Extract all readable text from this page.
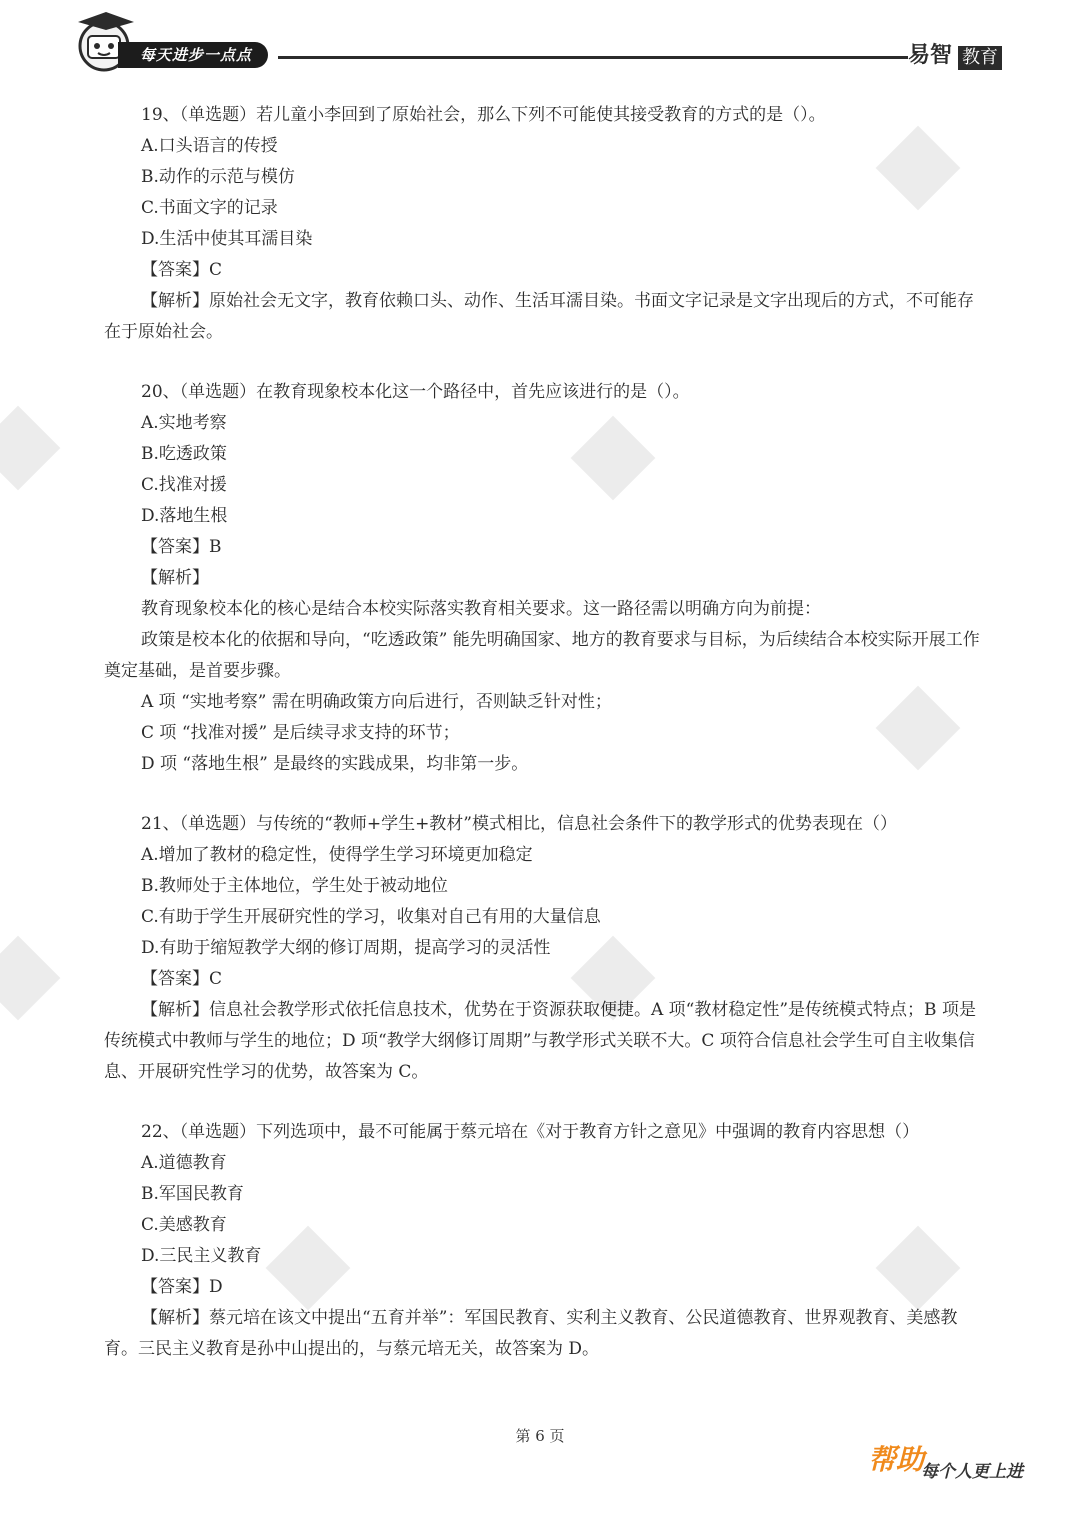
每天进步一点点	易智 教育

19、（单选题）若儿童小李回到了原始社会，那么下列不可能使其接受教育的方式的是（）。

A.口头语言的传授

B.动作的示范与模仿

C.书面文字的记录

D.生活中使其耳濡目染

【答案】C

【解析】原始社会无文字，教育依赖口头、动作、生活耳濡目染。书面文字记录是文字出现后的方式，不可能存在于原始社会。

20、（单选题）在教育现象校本化这一个路径中，首先应该进行的是（）。

A.实地考察

B.吃透政策

C.找准对援

D.落地生根

【答案】B

【解析】

教育现象校本化的核心是结合本校实际落实教育相关要求。这一路径需以明确方向为前提：

政策是校本化的依据和导向，“吃透政策” 能先明确国家、地方的教育要求与目标，为后续结合本校实际开展工作奠定基础，是首要步骤。

A 项 “实地考察” 需在明确政策方向后进行，否则缺乏针对性；

C 项 “找准对援” 是后续寻求支持的环节；

D 项 “落地生根” 是最终的实践成果，均非第一步。

21、（单选题）与传统的“教师+学生+教材”模式相比，信息社会条件下的教学形式的优势表现在（）

A.增加了教材的稳定性，使得学生学习环境更加稳定

B.教师处于主体地位，学生处于被动地位

C.有助于学生开展研究性的学习，收集对自己有用的大量信息

D.有助于缩短教学大纲的修订周期，提高学习的灵活性

【答案】C

【解析】信息社会教学形式依托信息技术，优势在于资源获取便捷。A 项“教材稳定性”是传统模式特点；B 项是传统模式中教师与学生的地位；D 项“教学大纲修订周期”与教学形式关联不大。C 项符合信息社会学生可自主收集信息、开展研究性学习的优势，故答案为 C。

22、（单选题）下列选项中，最不可能属于蔡元培在《对于教育方针之意见》中强调的教育内容思想（）

A.道德教育

B.军国民教育

C.美感教育

D.三民主义教育

【答案】D

【解析】蔡元培在该文中提出“五育并举”：军国民教育、实利主义教育、公民道德教育、世界观教育、美感教育。三民主义教育是孙中山提出的，与蔡元培无关，故答案为 D。

第 6 页
帮助
每个人更上进
